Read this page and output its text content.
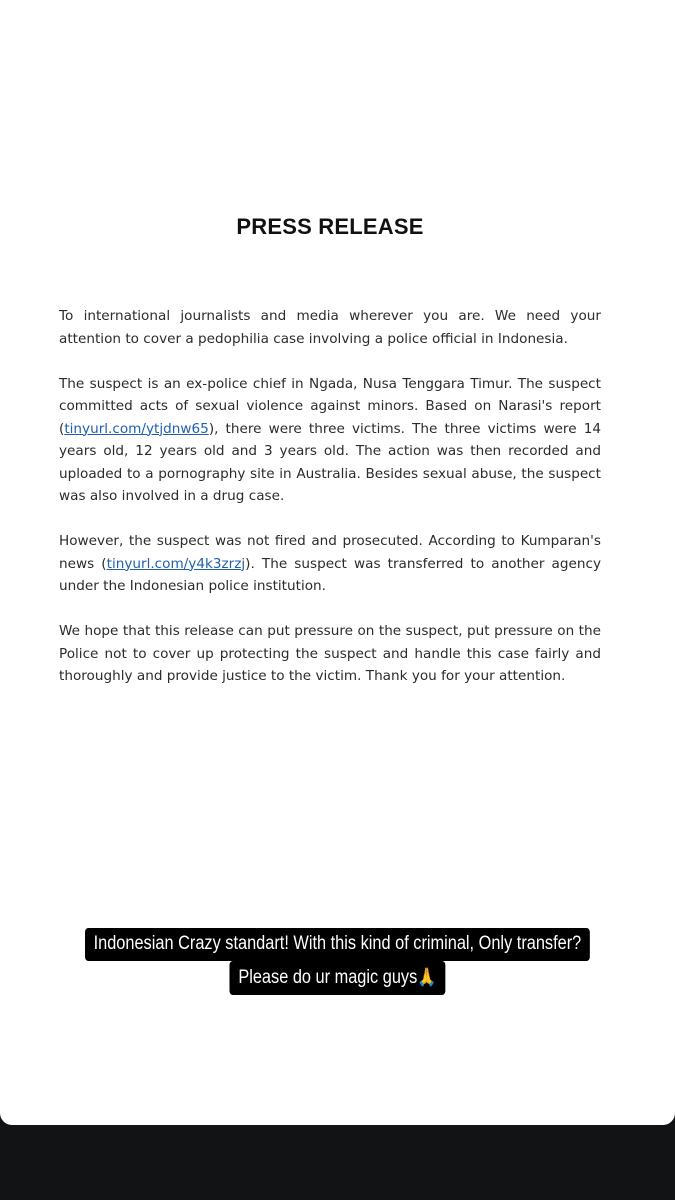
PRESS RELEASE

To international journalists and media wherever you are. We need your attention to cover a pedophilia case involving a police official in Indonesia.

The suspect is an ex-police chief in Ngada, Nusa Tenggara Timur. The suspect committed acts of sexual violence against minors. Based on Narasi's report (tinyurl.com/ytjdnw65), there were three victims. The three victims were 14 years old, 12 years old and 3 years old. The action was then recorded and uploaded to a pornography site in Australia. Besides sexual abuse, the suspect was also involved in a drug case.

However, the suspect was not fired and prosecuted. According to Kumparan's news (tinyurl.com/y4k3zrzj). The suspect was transferred to another agency under the Indonesian police institution.

We hope that this release can put pressure on the suspect, put pressure on the Police not to cover up protecting the suspect and handle this case fairly and thoroughly and provide justice to the victim. Thank you for your attention.

Indonesian Crazy standart! With this kind of criminal, Only transfer?
Please do ur magic guys🙏
